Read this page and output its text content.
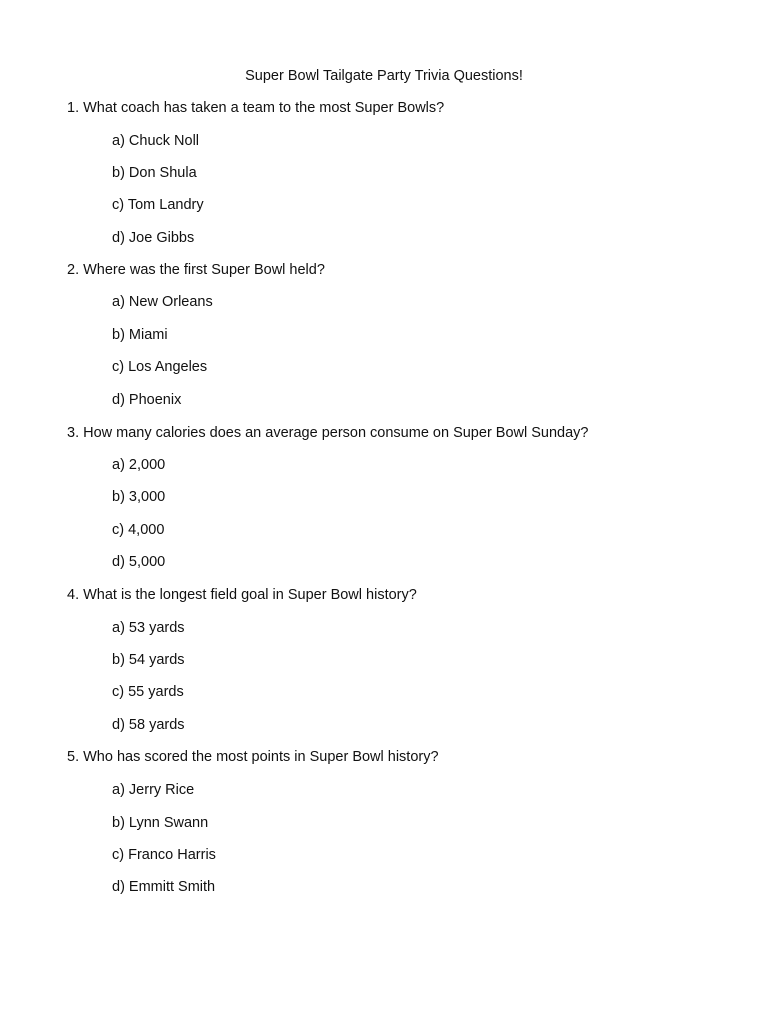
Super Bowl Tailgate Party Trivia Questions!
1. What coach has taken a team to the most Super Bowls?
a) Chuck Noll
b) Don Shula
c) Tom Landry
d) Joe Gibbs
2. Where was the first Super Bowl held?
a) New Orleans
b) Miami
c) Los Angeles
d) Phoenix
3. How many calories does an average person consume on Super Bowl Sunday?
a) 2,000
b) 3,000
c) 4,000
d) 5,000
4. What is the longest field goal in Super Bowl history?
a) 53 yards
b) 54 yards
c) 55 yards
d) 58 yards
5. Who has scored the most points in Super Bowl history?
a) Jerry Rice
b) Lynn Swann
c) Franco Harris
d) Emmitt Smith
